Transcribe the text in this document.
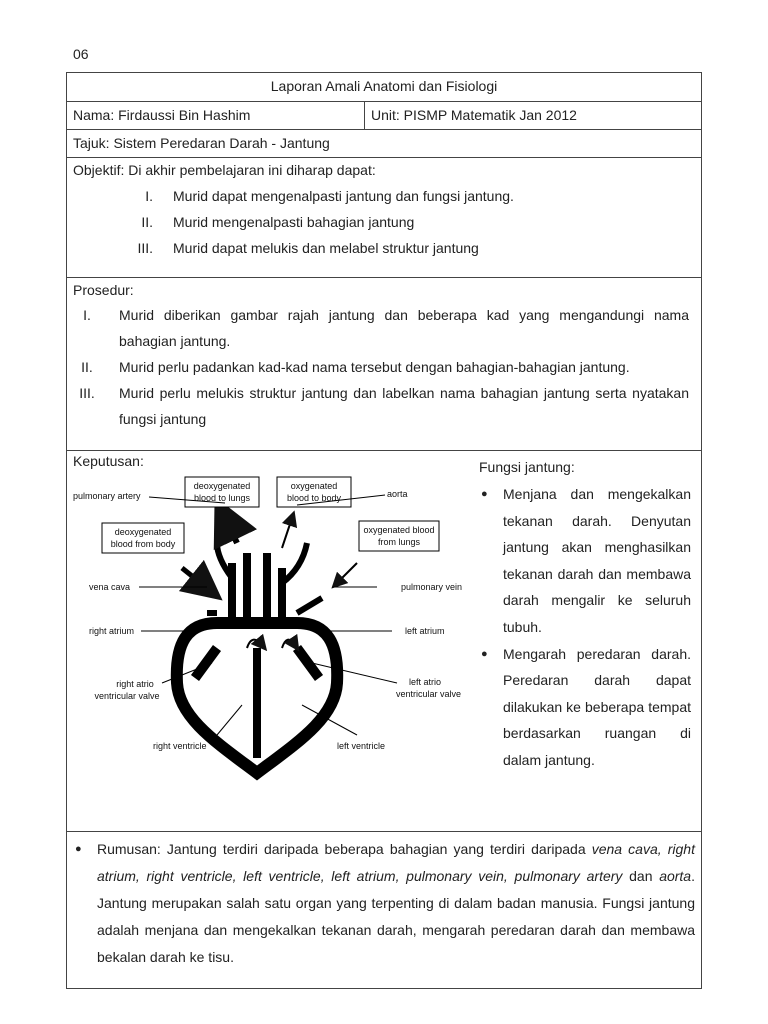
06
Laporan Amali Anatomi dan Fisiologi
Nama: Firdaussi Bin Hashim	Unit: PISMP Matematik Jan 2012
Tajuk: Sistem Peredaran Darah - Jantung
Objektif: Di akhir pembelajaran ini diharap dapat:
I. Murid dapat mengenalpasti jantung dan fungsi jantung.
II. Murid mengenalpasti bahagian jantung
III. Murid dapat melukis dan melabel struktur jantung
Prosedur:
I.	Murid diberikan gambar rajah jantung dan beberapa kad yang mengandungi nama bahagian jantung.
II.	Murid perlu padankan kad-kad nama tersebut dengan bahagian-bahagian jantung.
III.	Murid perlu melukis struktur jantung dan labelkan nama bahagian jantung serta nyatakan fungsi jantung
Keputusan:
pulmonary artery
deoxygenated
blood to lungs
oxygenated
blood to body	aorta
deoxygenated
blood from body
oxygenated blood
from lungs
vena cava	pulmonary vein
right atrium	left atrium
right atrio
ventricular valve
left atrio
ventricular valve
right ventricle	left ventricle
Fungsi jantung:
● Menjana dan mengekalkan tekanan darah. Denyutan jantung akan menghasilkan tekanan darah dan membawa darah mengalir ke seluruh tubuh.
● Mengarah peredaran darah. Peredaran darah dapat dilakukan ke beberapa tempat berdasarkan ruangan di dalam jantung.
● Rumusan: Jantung terdiri daripada beberapa bahagian yang terdiri daripada vena cava, right atrium, right ventricle, left ventricle, left atrium, pulmonary vein, pulmonary artery dan aorta. Jantung merupakan salah satu organ yang terpenting di dalam badan manusia. Fungsi jantung adalah menjana dan mengekalkan tekanan darah, mengarah peredaran darah dan membawa bekalan darah ke tisu.
